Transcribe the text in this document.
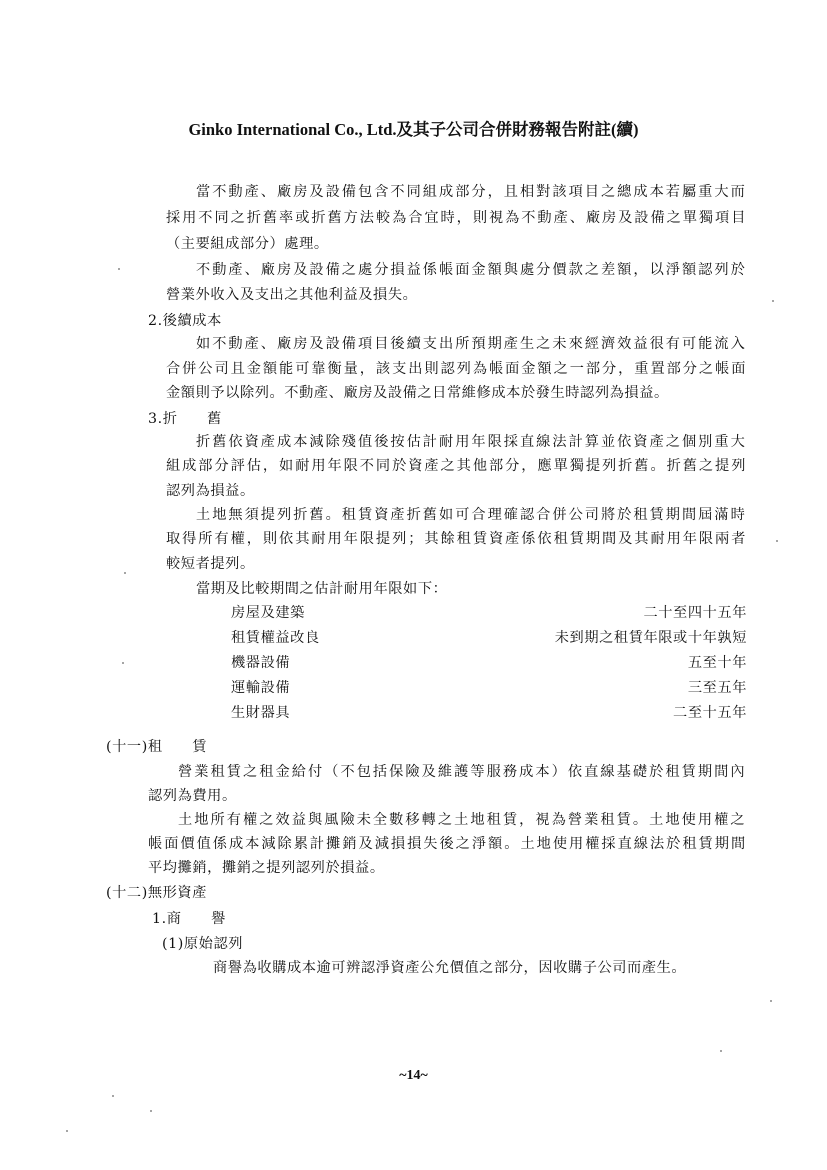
Ginko International Co., Ltd.及其子公司合併財務報告附註(續)
當不動產、廠房及設備包含不同組成部分，且相對該項目之總成本若屬重大而
採用不同之折舊率或折舊方法較為合宜時，則視為不動產、廠房及設備之單獨項目
（主要組成部分）處理。
不動產、廠房及設備之處分損益係帳面金額與處分價款之差額，以淨額認列於
營業外收入及支出之其他利益及損失。
2.後續成本
如不動產、廠房及設備項目後續支出所預期產生之未來經濟效益很有可能流入
合併公司且金額能可靠衡量，該支出則認列為帳面金額之一部分，重置部分之帳面
金額則予以除列。不動產、廠房及設備之日常維修成本於發生時認列為損益。
3.折　　舊
折舊依資產成本減除殘值後按估計耐用年限採直線法計算並依資產之個別重大
組成部分評估，如耐用年限不同於資產之其他部分，應單獨提列折舊。折舊之提列
認列為損益。
土地無須提列折舊。租賃資產折舊如可合理確認合併公司將於租賃期間屆滿時
取得所有權，則依其耐用年限提列；其餘租賃資產係依租賃期間及其耐用年限兩者
較短者提列。
當期及比較期間之估計耐用年限如下：
房屋及建築	二十至四十五年
租賃權益改良	未到期之租賃年限或十年孰短
機器設備	五至十年
運輸設備	三至五年
生財器具	二至十五年
(十一)租　　賃
營業租賃之租金給付（不包括保險及維護等服務成本）依直線基礎於租賃期間內
認列為費用。
土地所有權之效益與風險未全數移轉之土地租賃，視為營業租賃。土地使用權之
帳面價值係成本減除累計攤銷及減損損失後之淨額。土地使用權採直線法於租賃期間
平均攤銷，攤銷之提列認列於損益。
(十二)無形資產
1.商　　譽
(1)原始認列
商譽為收購成本逾可辨認淨資產公允價值之部分，因收購子公司而產生。
~14~
